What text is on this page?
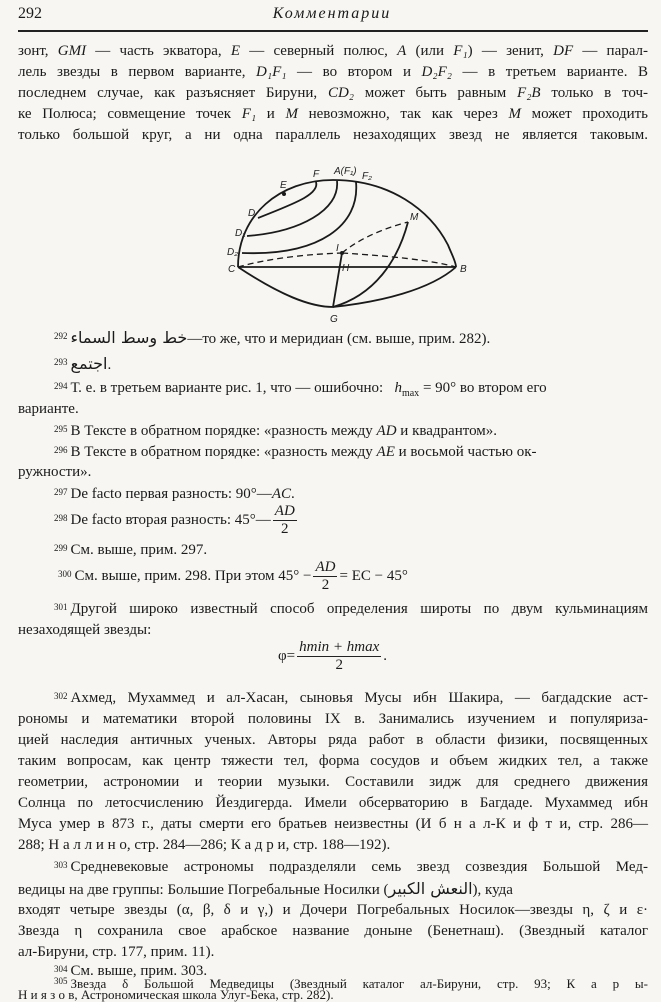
292	Комментарии
зонт, GMI — часть экватора, E — северный полюс, A (или F₁) — зенит, DF — парал-
лель звезды в первом варианте, D₁F₁ — во втором и D₂F₂ — в третьем варианте. В
последнем случае, как разъясняет Бируни, CD₂ может быть равным F₂B только в точ-
ке Полюса; совмещение точек F₁ и M невозможно, так как через M может проходить
только большой круг, а ни одна параллель незаходящих звезд не является таковым.
E
F A(F₁) F₂
D
D₁
D₂
M
I
H
C	B
G
$^{292}$ خط وسط السماء—то же, что и меридиан (см. выше, прим. 282).
$^{293}$ اجتمع.
$^{294}$ Т. е. в третьем варианте рис. 1, что — ошибочно: $h_{max} = 90^\circ$ во втором его
варианте.
$^{295}$ В Тексте в обратном порядке: «разность между AD и квадрантом».
$^{296}$ В Тексте в обратном порядке: «разность между AE и восьмой частью ок-
ружности».
$^{297}$ De facto первая разность: 90°—AC.
$^{298}$ De facto вторая разность: 45°— $\frac{AD}{2}$
$^{299}$ См. выше, прим. 297.
$^{300}$ См. выше, прим. 298. При этом $45^\circ - \frac{AD}{2}$ = EC − 45°
$^{301}$ Другой широко известный способ определения широты по двум кульминациям
незаходящей звезды:
$\varphi= \frac{hmin + hmax}{2}$ .
$^{302}$ Ахмед, Мухаммед и ал-Хасан, сыновья Мусы ибн Шакира, — багдадские аст-
рономы и математики второй половины IX в. Занимались изучением и популяриза-
цией наследия античных ученых. Авторы ряда работ в области физики, посвященных
таким вопросам, как центр тяжести тел, форма сосудов и объем жидких тел, а также
геометрии, астрономии и теории музыки. Составили зидж для среднего движения
Солнца по летосчислению Йездигерда. Имели обсерваторию в Багдаде. Мухаммед ибн
Муса умер в 873 г., даты смерти его братьев неизвестны (И б н а л-К и ф т и, стр. 286—
288; Н а л л и н о, стр. 284—286; К а д р и, стр. 188—192).
$^{303}$ Средневековые астрономы подразделяли семь звезд созвездия Большой Мед-
ведицы на две группы: Большие Погребальные Носилки (النعش الكبير), куда
входят четыре звезды (α, β, δ и γ,) и Дочери Погребальных Носилок—звезды η, ζ и ε·
Звезда η сохранила свое арабское название доныне (Бенетнаш). (Звездный каталог
ал-Бируни, стр. 177, прим. 11).
$^{304}$ См. выше, прим. 303.
$^{305}$ Звезда δ Большой Медведицы (Звездный каталог ал-Бируни, стр. 93; К а р ы-
Н и я з о в, Астрономическая школа Улуг-Бека, стр. 282).
